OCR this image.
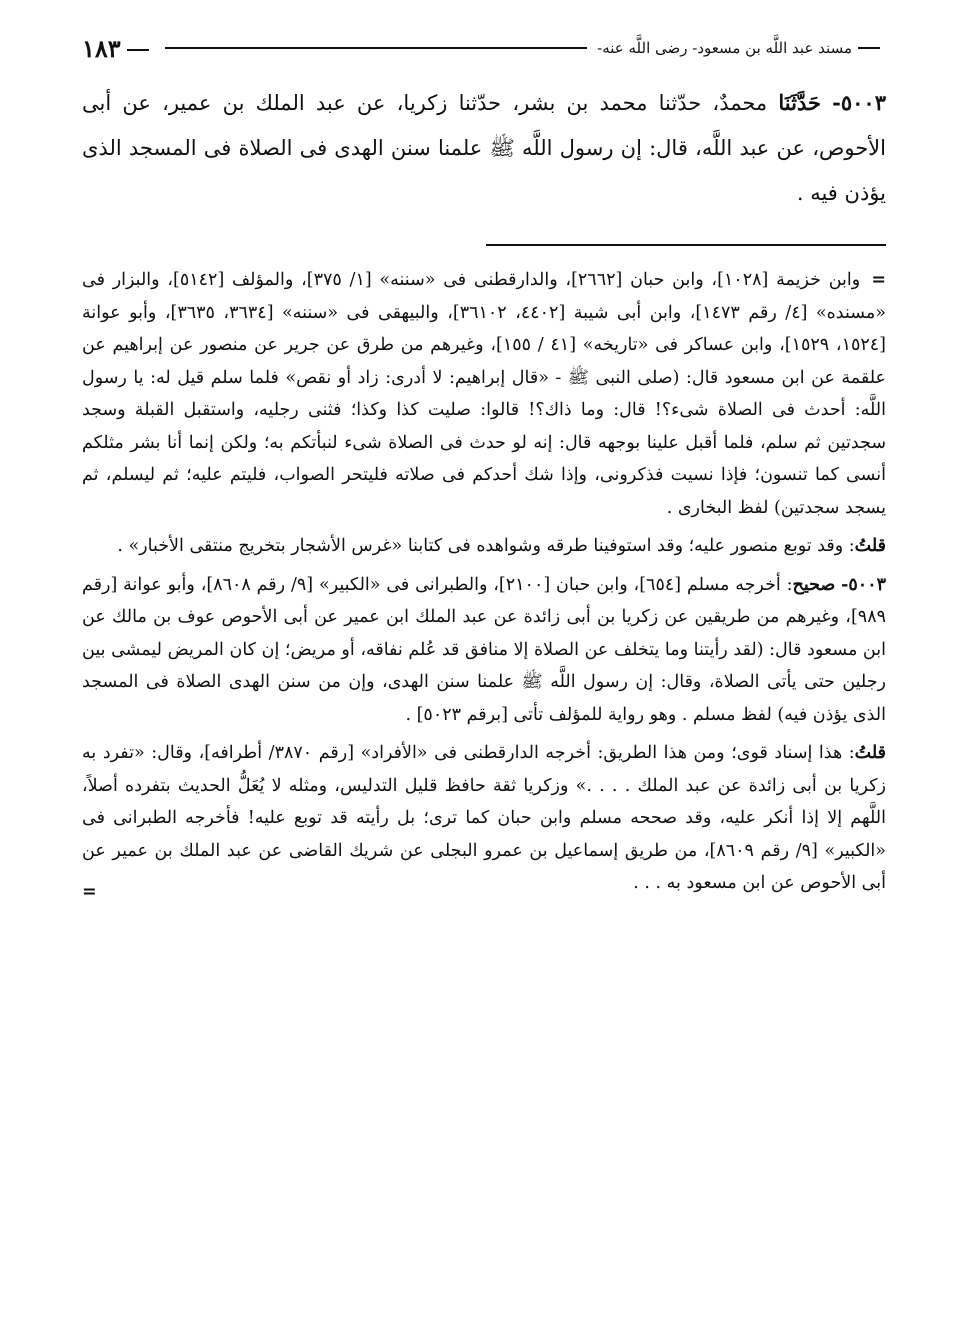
مسند عبد اللَّه بن مسعود- رضى اللَّه عنه-
١٨٣
٥٠٠٣- حَدَّثَنَا محمدٌ، حدّثنا محمد بن بشر، حدّثنا زكريا، عن عبد الملك بن عمير، عن أبى الأحوص، عن عبد اللَّه، قال: إن رسول اللَّه ﷺ علمنا سنن الهدى فى الصلاة فى المسجد الذى يؤذن فيه .

= وابن خزيمة [١٠٢٨]، وابن حبان [٢٦٦٢]، والدارقطنى فى «سننه» [١/ ٣٧٥]، والمؤلف [٥١٤٢]، والبزار فى «مسنده» [٤/ رقم ١٤٧٣]، وابن أبى شيبة [٤٤٠٢، ٣٦١٠٢]، والبيهقى فى «سننه» [٣٦٣٤، ٣٦٣٥]، وأبو عوانة [١٥٢٤، ١٥٢٩]، وابن عساكر فى «تاريخه» [٤١ / ١٥٥]، وغيرهم من طرق عن جرير عن منصور عن إبراهيم عن علقمة عن ابن مسعود قال: (صلى النبى ﷺ - «قال إبراهيم: لا أدرى: زاد أو نقص» فلما سلم قيل له: يا رسول اللَّه: أحدث فى الصلاة شىء؟! قال: وما ذاك؟! قالوا: صليت كذا وكذا؛ فثنى رجليه، واستقبل القبلة وسجد سجدتين ثم سلم، فلما أقبل علينا بوجهه قال: إنه لو حدث فى الصلاة شىء لنبأتكم به؛ ولكن إنما أنا بشر مثلكم أنسى كما تنسون؛ فإذا نسيت فذكرونى، وإذا شك أحدكم فى صلاته فليتحر الصواب، فليتم عليه؛ ثم ليسلم، ثم يسجد سجدتين) لفظ البخارى .

قلتُ: وقد توبع منصور عليه؛ وقد استوفينا طرقه وشواهده فى كتابنا «غرس الأشجار بتخريج منتقى الأخبار» .

٥٠٠٣- صحيح: أخرجه مسلم [٦٥٤]، وابن حبان [٢١٠٠]، والطبرانى فى «الكبير» [٩/ رقم ٨٦٠٨]، وأبو عوانة [رقم ٩٨٩]، وغيرهم من طريقين عن زكريا بن أبى زائدة عن عبد الملك ابن عمير عن أبى الأحوص عوف بن مالك عن ابن مسعود قال: (لقد رأيتنا وما يتخلف عن الصلاة إلا منافق قد عُلم نفاقه، أو مريض؛ إن كان المريض ليمشى بين رجلين حتى يأتى الصلاة، وقال: إن رسول اللَّه ﷺ علمنا سنن الهدى، وإن من سنن الهدى الصلاة فى المسجد الذى يؤذن فيه) لفظ مسلم . وهو رواية للمؤلف تأتى [برقم ٥٠٢٣] .

قلتُ: هذا إسناد قوى؛ ومن هذا الطريق: أخرجه الدارقطنى فى «الأفراد» [رقم ٣٨٧٠/ أطرافه]، وقال: «تفرد به زكريا بن أبى زائدة عن عبد الملك . . . .» وزكريا ثقة حافظ قليل التدليس، ومثله لا يُعَلُّ الحديث بتفرده أصلاً، اللَّهم إلا إذا أنكر عليه، وقد صححه مسلم وابن حبان كما ترى؛ بل رأيته قد توبع عليه! فأخرجه الطبرانى فى «الكبير» [٩/ رقم ٨٦٠٩]، من طريق إسماعيل بن عمرو البجلى عن شريك القاضى عن عبد الملك بن عمير عن أبى الأحوص عن ابن مسعود به . . .

=
